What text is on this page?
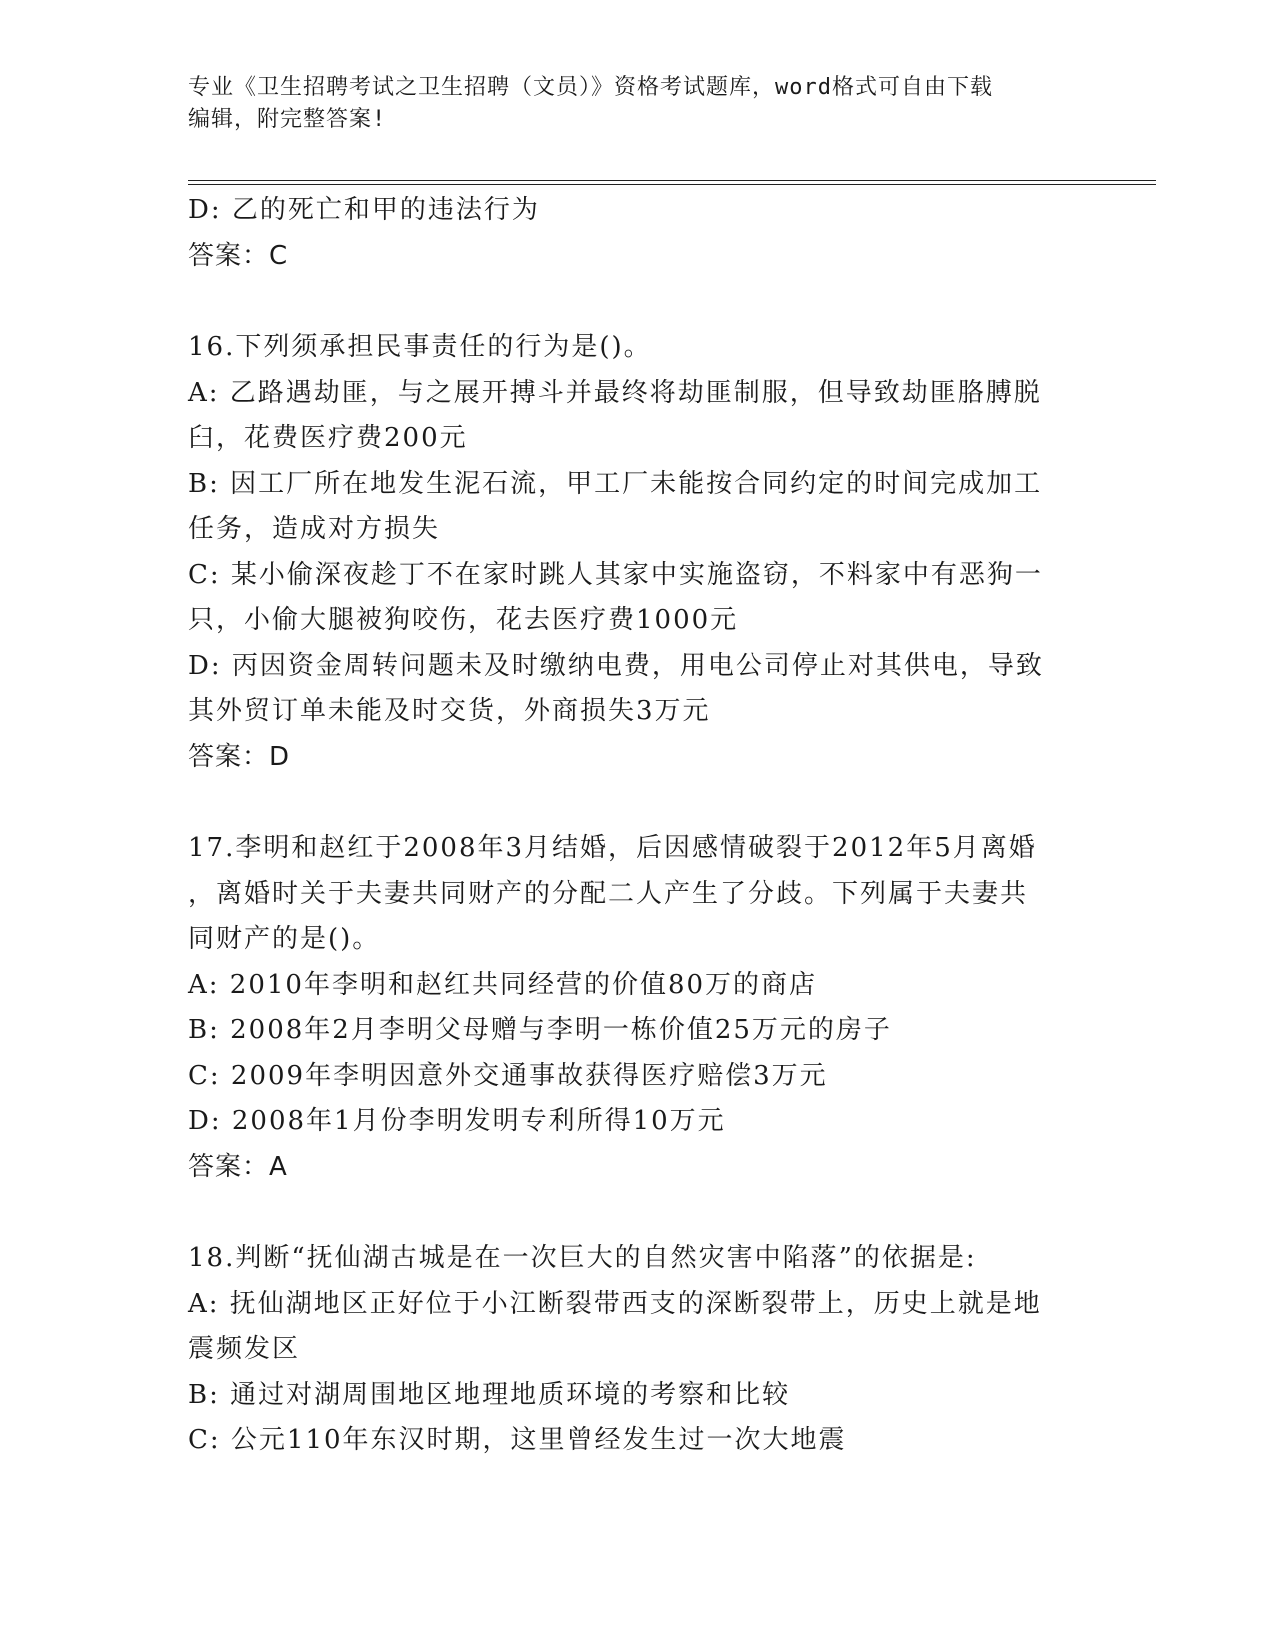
专业《卫生招聘考试之卫生招聘（文员）》资格考试题库，word格式可自由下载
编辑，附完整答案!
D: 乙的死亡和甲的违法行为
答案：C
16.下列须承担民事责任的行为是()。
A: 乙路遇劫匪，与之展开搏斗并最终将劫匪制服，但导致劫匪胳膊脱
臼，花费医疗费200元
B: 因工厂所在地发生泥石流，甲工厂未能按合同约定的时间完成加工
任务，造成对方损失
C: 某小偷深夜趁丁不在家时跳人其家中实施盗窃，不料家中有恶狗一
只，小偷大腿被狗咬伤，花去医疗费1000元
D: 丙因资金周转问题未及时缴纳电费，用电公司停止对其供电，导致
其外贸订单未能及时交货，外商损失3万元
答案：D
17.李明和赵红于2008年3月结婚，后因感情破裂于2012年5月离婚
，离婚时关于夫妻共同财产的分配二人产生了分歧。下列属于夫妻共
同财产的是()。
A: 2010年李明和赵红共同经营的价值80万的商店
B: 2008年2月李明父母赠与李明一栋价值25万元的房子
C: 2009年李明因意外交通事故获得医疗赔偿3万元
D: 2008年1月份李明发明专利所得10万元
答案：A
18.判断“抚仙湖古城是在一次巨大的自然灾害中陷落”的依据是:
A: 抚仙湖地区正好位于小江断裂带西支的深断裂带上，历史上就是地
震频发区
B: 通过对湖周围地区地理地质环境的考察和比较
C: 公元110年东汉时期，这里曾经发生过一次大地震
